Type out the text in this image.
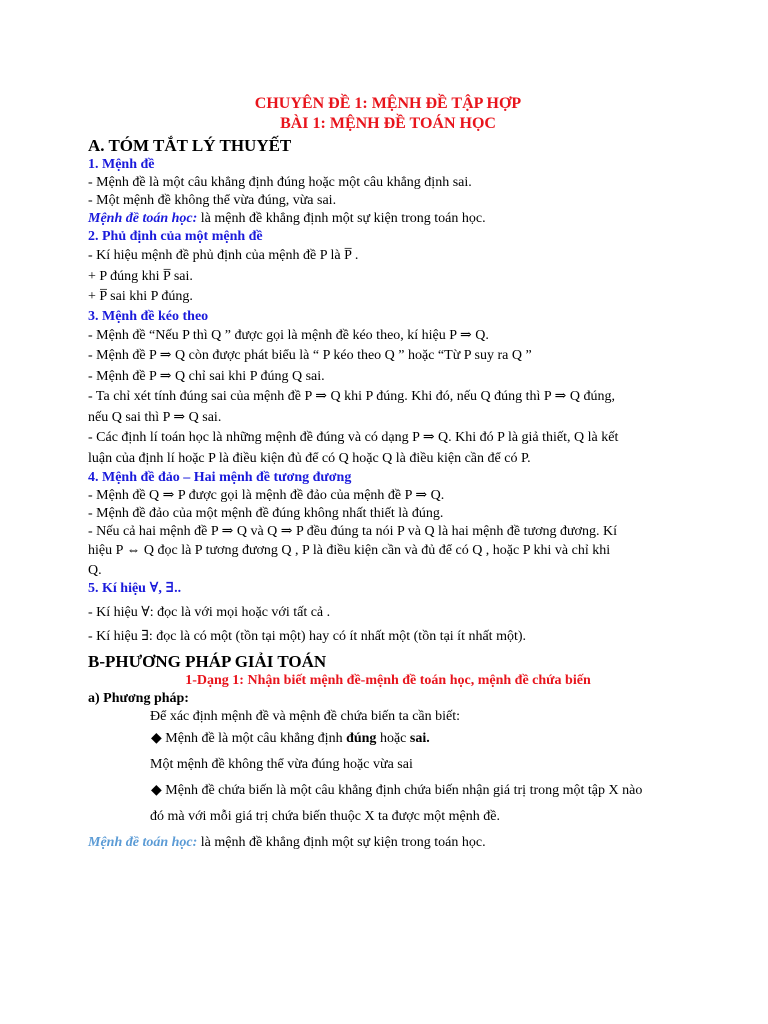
CHUYÊN ĐỀ 1: MỆNH ĐỀ TẬP HỢP
BÀI 1: MỆNH ĐỀ TOÁN HỌC
A. TÓM TẮT LÝ THUYẾT
1. Mệnh đề
- Mệnh đề là một câu khẳng định đúng hoặc một câu khẳng định sai.
- Một mệnh đề không thể vừa đúng, vừa sai.
Mệnh đề toán học: là mệnh đề khẳng định một sự kiện trong toán học.
2. Phủ định của một mệnh đề
- Kí hiệu mệnh đề phủ định của mệnh đề P là P̅ .
+ P đúng khi P̅ sai.
+ P̅ sai khi P đúng.
3. Mệnh đề kéo theo
- Mệnh đề “Nếu P thì Q ” được gọi là mệnh đề kéo theo, kí hiệu P ⇒ Q.
- Mệnh đề P ⇒ Q còn được phát biểu là “ P kéo theo Q ” hoặc “Từ P suy ra Q ”
- Mệnh đề P ⇒ Q chỉ sai khi P đúng Q sai.
- Ta chỉ xét tính đúng sai của mệnh đề P ⇒ Q khi P đúng. Khi đó, nếu Q đúng thì P ⇒ Q đúng,
nếu Q sai thì P ⇒ Q sai.
- Các định lí toán học là những mệnh đề đúng và có dạng P ⇒ Q. Khi đó P là giả thiết, Q là kết
luận của định lí hoặc P là điều kiện đủ để có Q hoặc Q là điều kiện cần để có P.
4. Mệnh đề đảo – Hai mệnh đề tương đương
- Mệnh đề Q ⇒ P được gọi là mệnh đề đảo của mệnh đề P ⇒ Q.
- Mệnh đề đảo của một mệnh đề đúng không nhất thiết là đúng.
- Nếu cả hai mệnh đề P ⇒ Q và Q ⇒ P đều đúng ta nói P và Q là hai mệnh đề tương đương. Kí
hiệu P ⇔ Q đọc là P tương đương Q , P là điều kiện cần và đủ để có Q , hoặc P khi và chỉ khi
Q.
5. Kí hiệu ∀, ∃..
- Kí hiệu ∀: đọc là với mọi hoặc với tất cả .
- Kí hiệu ∃: đọc là có một (tồn tại một) hay có ít nhất một (tồn tại ít nhất một).
B-PHƯƠNG PHÁP GIẢI TOÁN
1-Dạng 1: Nhận biết mệnh đề-mệnh đề toán học, mệnh đề chứa biến
a) Phương pháp:
Để xác định mệnh đề và mệnh đề chứa biến ta cần biết:
◆ Mệnh đề là một câu khẳng định đúng hoặc sai.
Một mệnh đề không thể vừa đúng hoặc vừa sai
◆ Mệnh đề chứa biến là một câu khẳng định chứa biến nhận giá trị trong một tập X nào
đó mà với mỗi giá trị chứa biến thuộc X ta được một mệnh đề.
Mệnh đề toán học: là mệnh đề khẳng định một sự kiện trong toán học.
